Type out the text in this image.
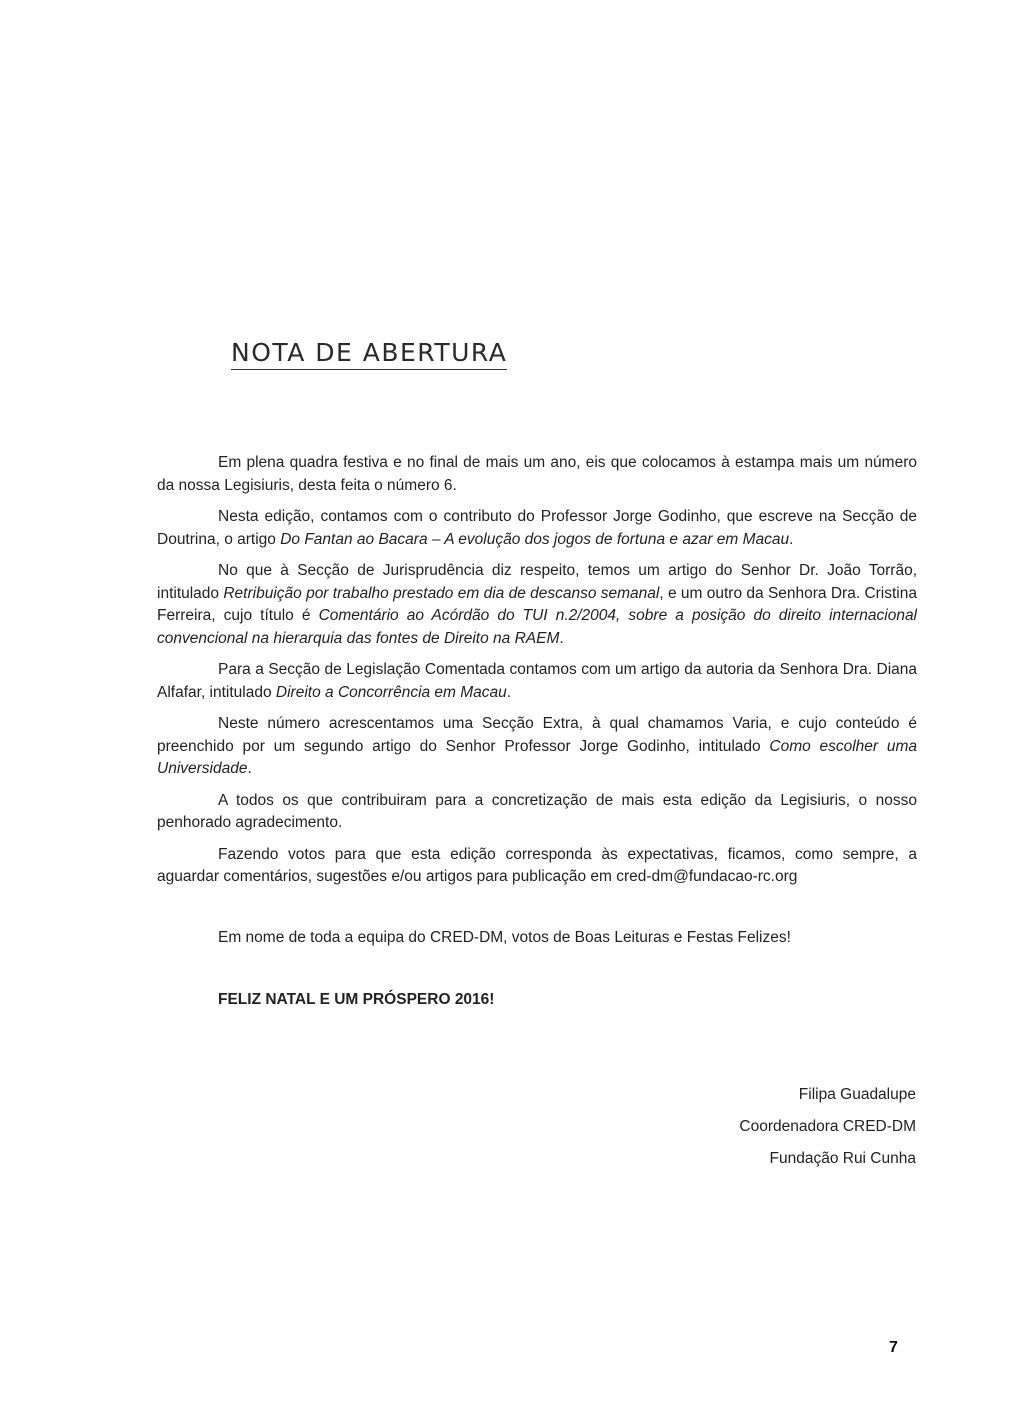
NOTA DE ABERTURA

Em plena quadra festiva e no final de mais um ano, eis que colocamos à estampa mais um número da nossa Legisiuris, desta feita o número 6.

Nesta edição, contamos com o contributo do Professor Jorge Godinho, que escreve na Secção de Doutrina, o artigo Do Fantan ao Bacara – A evolução dos jogos de fortuna e azar em Macau.

No que à Secção de Jurisprudência diz respeito, temos um artigo do Senhor Dr. João Torrão, intitulado Retribuição por trabalho prestado em dia de descanso semanal, e um outro da Senhora Dra. Cristina Ferreira, cujo título é Comentário ao Acórdão do TUI n.2/2004, sobre a posição do direito internacional convencional na hierarquia das fontes de Direito na RAEM.

Para a Secção de Legislação Comentada contamos com um artigo da autoria da Senhora Dra. Diana Alfafar, intitulado Direito a Concorrência em Macau.

Neste número acrescentamos uma Secção Extra, à qual chamamos Varia, e cujo conteúdo é preenchido por um segundo artigo do Senhor Professor Jorge Godinho, intitulado Como escolher uma Universidade.

A todos os que contribuiram para a concretização de mais esta edição da Legisiuris, o nosso penhorado agradecimento.

Fazendo votos para que esta edição corresponda às expectativas, ficamos, como sempre, a aguardar comentários, sugestões e/ou artigos para publicação em cred-dm@fundacao-rc.org

Em nome de toda a equipa do CRED-DM, votos de Boas Leituras e Festas Felizes!

FELIZ NATAL E UM PRÓSPERO 2016!

Filipa Guadalupe

Coordenadora CRED-DM

Fundação Rui Cunha

7
